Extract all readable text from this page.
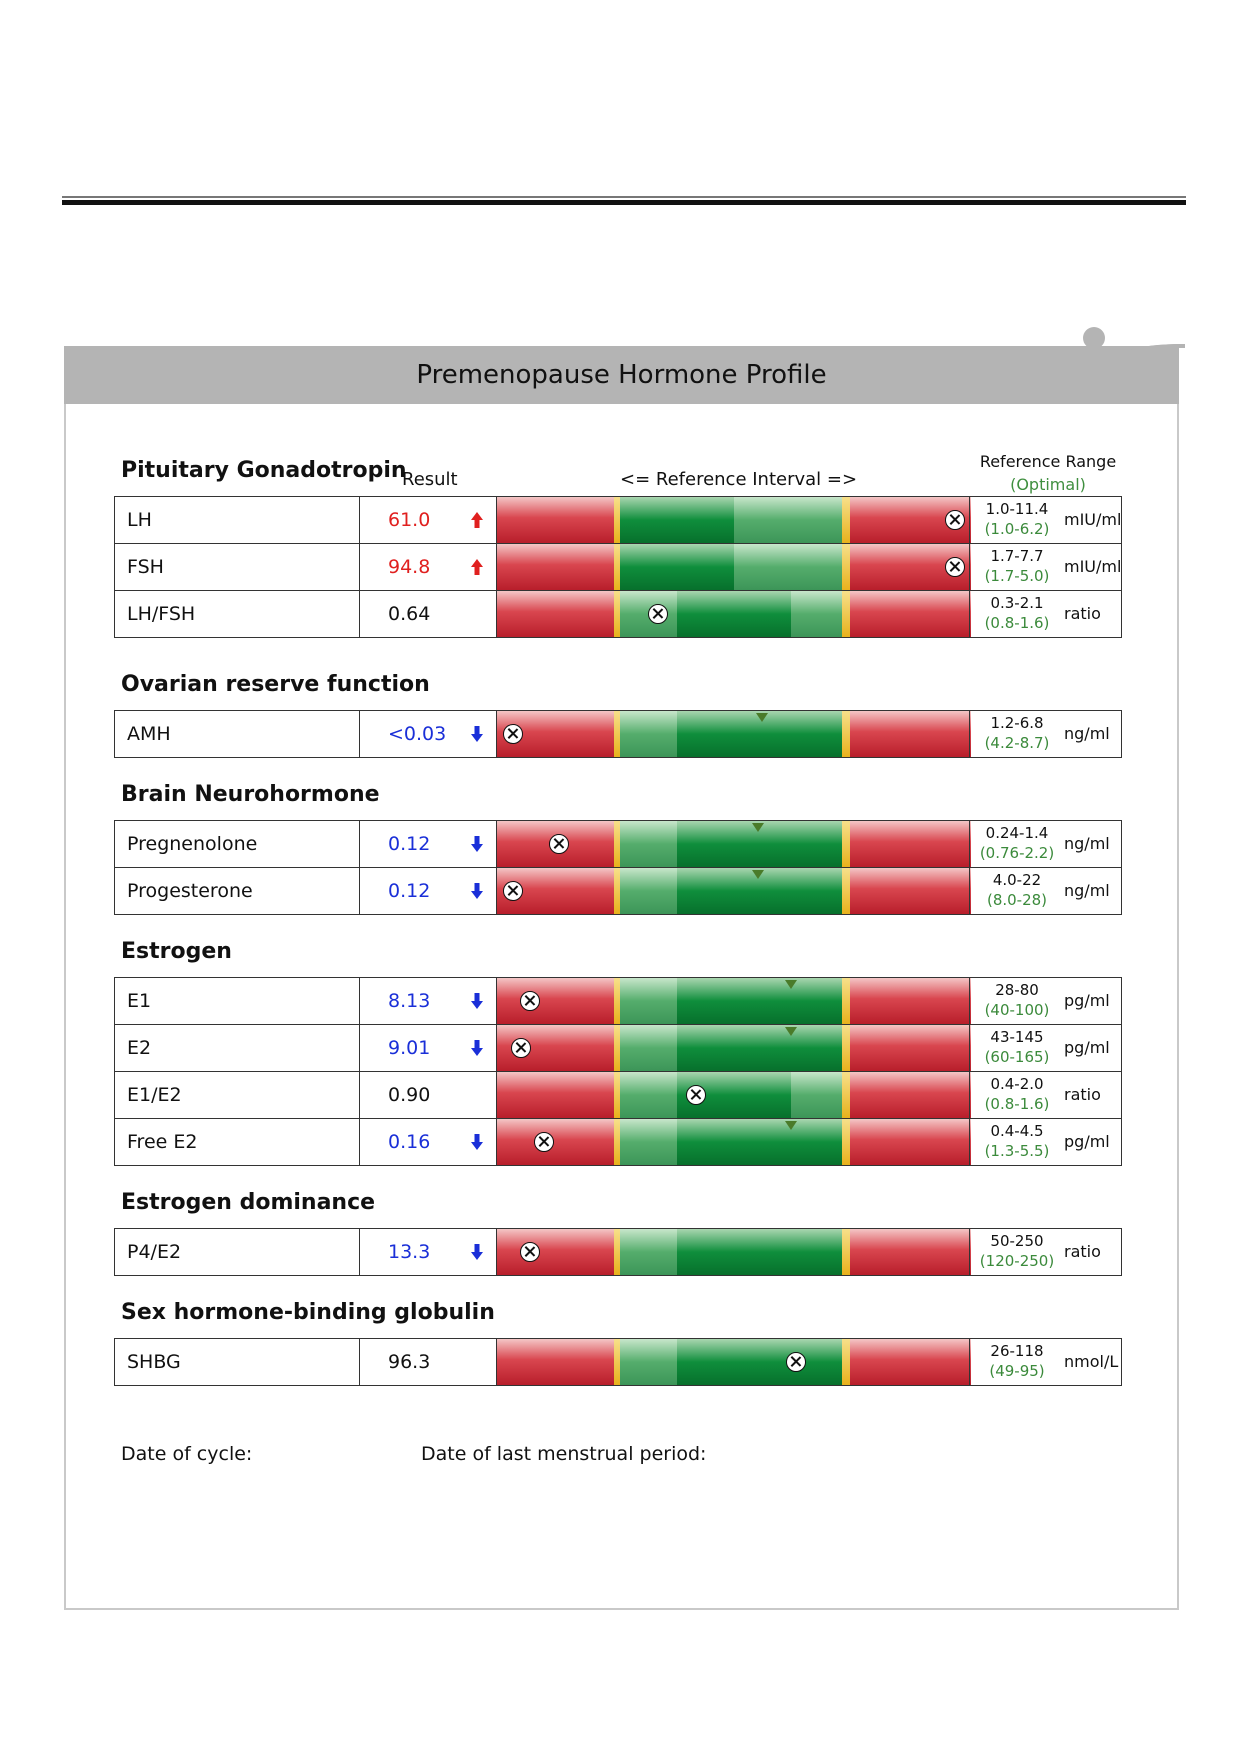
Premenopause Hormone Profile
Result	<= Reference Interval =>
Reference Range
(Optimal)
Pituitary Gonadotropin
LH	61.0	1.0-11.4
(1.0-6.2) mIU/ml
FSH	94.8	1.7-7.7
(1.7-5.0) mIU/ml
LH/FSH	0.64	0.3-2.1
(0.8-1.6) ratio
Ovarian reserve function
AMH	<0.03	1.2-6.8
(4.2-8.7) ng/ml
Brain Neurohormone
Pregnenolone	0.12	0.24-1.4
(0.76-2.2) ng/ml
Progesterone	0.12	4.0-22
(8.0-28)	ng/ml
Estrogen
E1	8.13	28-80
(40-100) pg/ml
E2	9.01	43-145
(60-165) pg/ml
E1/E2	0.90	0.4-2.0
(0.8-1.6) ratio
Free E2	0.16	0.4-4.5
(1.3-5.5) pg/ml
Estrogen dominance
P4/E2	13.3	50-250
(120-250) ratio
Sex hormone-binding globulin
SHBG	96.3	26-118
(49-95)	nmol/L
Date of cycle:	Date of last menstrual period:
